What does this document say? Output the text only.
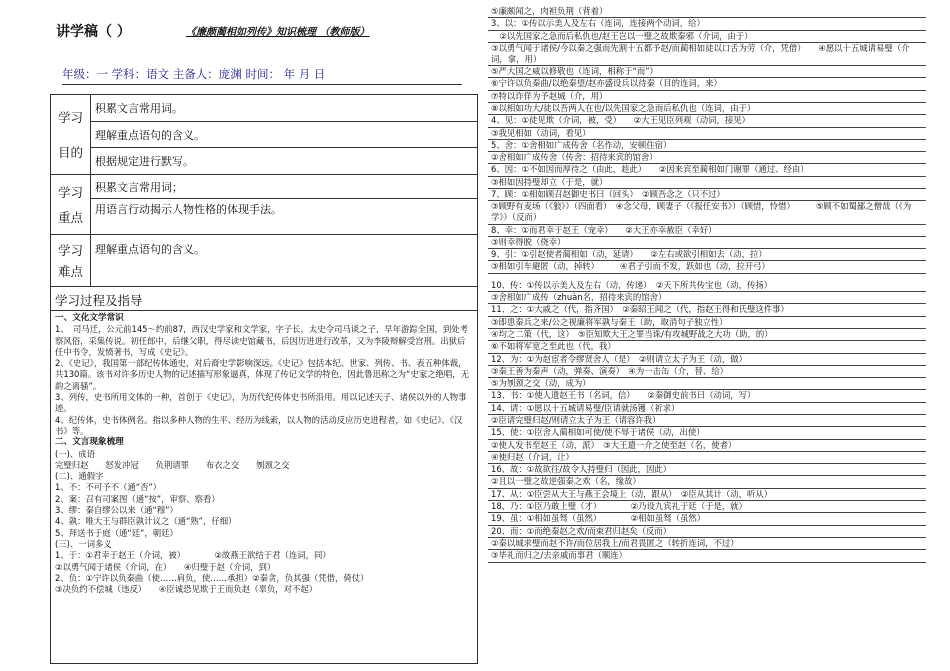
讲学稿（ ）	《廉颇蔺相如列传》知识梳理 （教师版）
年级：一 学科：语文 主备人：庞渊 时间： 年 月 日
学习
目的
积累文言常用词。
理解重点语句的含义。
根据规定进行默写。
学习
重点
积累文言常用词；
用语言行动揭示人物性格的体现手法。
学习
难点
理解重点语句的含义。
学习过程及指导
一、文化文学常识
1、　司马迁，公元前145～约前87，西汉史学家和文学家，字子长，太史令司马谈之子，早年游踪全国，到处考察风俗，采集传说。初任郎中，后继父职，得尽读史馆藏书，后因历进进行改革，又为李陵辩解受宫刑。出狱后任中书令，发愤著书，写成《史记》。
2、《史记》，我国第一部纪传体通史，对后裔史学影响深远。《史记》包括本纪、世家、列传、书、表五种体裁，共130篇。该书对许多历史人物的记述描写形象逼真，体现了传记文学的特色，因此鲁迅称之为“史家之绝唱，无韵之离骚”。
3、列传，史书所用文体的一种，首创于《史记》，为历代纪传体史书所沿用。用以记述天子、诸侯以外的人物事迹。
4、纪传体，史书体例名。指以多种人物的生平、经历为线索，以人物的活动反应历史进程者，如《史记》、《汉书》等。
二、文言现象梳理
(一)、成语
完璧归赵　　怒发冲冠　　负荆请罪　　布衣之交　　刎颈之交
(二)、通假字
1、不：不可予不（通“否”）
2、案：召有司案图（通“按”，审察、察看）
3、缪：秦自缪公以来（通“穆”）
4、孰：唯大王与群臣孰计议之（通“熟”，仔细）
5、拜送书于庭（通“廷”，朝廷）
(三)、一词多义
1、于：①君幸于赵王（介词，被）　　　　②故燕王欲结于君（连词，同）
②以勇气闻于诸侯（介词，在）　　④归璧于赵（介词，到）
2、负：①宁许以负秦曲（使……肩负，使……承担）②秦贪，负其强（凭借，倚仗）
③决负约不偿城（违反）　　④臣诚恐见欺于王而负赵（辜负，对不起）
⑤廉颇闻之，肉袒负荆（背着）
3、以：①传以示美人及左右（连词，连接两个动词，给）
　②以先国家之急而后私仇也/赵王岂以一璧之故欺秦邪（介词，由于）
③以勇气闻于诸侯/今以秦之强而先割十五都予赵/而蔺相如徒以口舌为劳（介，凭借）　　④愿以十五城请易璧（介词，拿，用）
⑤严大国之威以修敬也（连词，相称于“而”）
⑥宁许以负秦曲/以绝秦望/赵亦盛设兵以待秦（目的连词，来）
⑦特以诈佯为予赵城（介，用）
⑧以相如功大/徒以吾两人在也/以先国家之急而后私仇也（连词，由于）
4、见：①徒见欺（介词，被，受）　　②大王见臣列观（动词，接见）
③我见相如（动词，看见）
5、舍：①舍相如广成传舍（名作动，安顿住宿）
②舍相如广成传舍（传舍：招待来宾的馆舍）
6、因：①不如因而厚待之（由此，趁此）　　②因来宾至蔺相如门谢罪（通过、经由）
③相如因持璧却立（于是，就）
7、顾：①相如顾召赵御史书曰（回头）　②顾吾念之（只不过）
③顾野有麦场（《狼》）（四面看）　④念父母，顾妻子（《报任安书》）（顾惜，怜惜）　　　⑤顾不如蜀鄙之僧哉（《为学》）（反而）
8、幸：①而君幸于赵王（宠幸）　　②大王亦幸赦臣（幸好）
③则幸得脱（侥幸）
9、引：①引赵使者蔺相如（动，延请）　　②左右或欲引相如去（动，拉）
③相如引车避匿（动，掉转）　　　④君子引而不发，跃如也（动，拉开弓）
10、传：①传以示美人及左右（动，传递）　②天下所共传宝也（动，传扬）
③舍相如广成传（zhuàn名，招待来宾的馆舍）
11、之：①大戚之（代，指齐国）　②秦昭王闻之（代，指赵王得和氏璧这件事）
③即患秦兵之来/公之视廉将军孰与秦王（助，取消句子独立性）
④均之二策（代，这）　⑤臣知欺大王之罪当诛/有攻城野战之大功（助，的）
⑥不如将军宽之至此也（代，我）
12、为：①为赵宦者令缪贤舍人（是）　②则请立太子为王（动，做）
③秦王善为秦声（动，弹奏、演奏）　④为一击缶（介，替、给）
⑤为刎颈之交（动，成为）
13、书：①使人遗赵王书（名词，信）　　②秦御史前书曰（动词，写）
14、请：①愿以十五城请易璧/臣请就汤镬（祈求）
②臣请完璧归赵/则请立太子为王（请容许我）
15、使：①臣舍人蔺相如可使/使不辱于诸侯（动，出使）
②使人发书至赵王（动，派）　③大王遣一介之使至赵（名，使者）
④使归赵（介词，让）
16、故：①故欲往/故令人持璧归（因此，因此）
②且以一璧之故逆强秦之欢（名，缘故）
17、从：①臣尝从大王与燕王会境上（动，跟从）　②臣从其计（动，听从）
18、乃：①臣乃敢上璧（才）　　　　②乃设九宾礼于廷（于是，就）
19、虽：①相如虽驽（虽然）　　　　②相如虽驽（虽然）
20、而：①而绝秦赵之欢/而束君归赵矣（反而）
②秦以城求璧而赵不许/而位居我上/而君畏匿之（转折连词，不过）
③毕礼而归之/去亲戚而事君（顺连）
